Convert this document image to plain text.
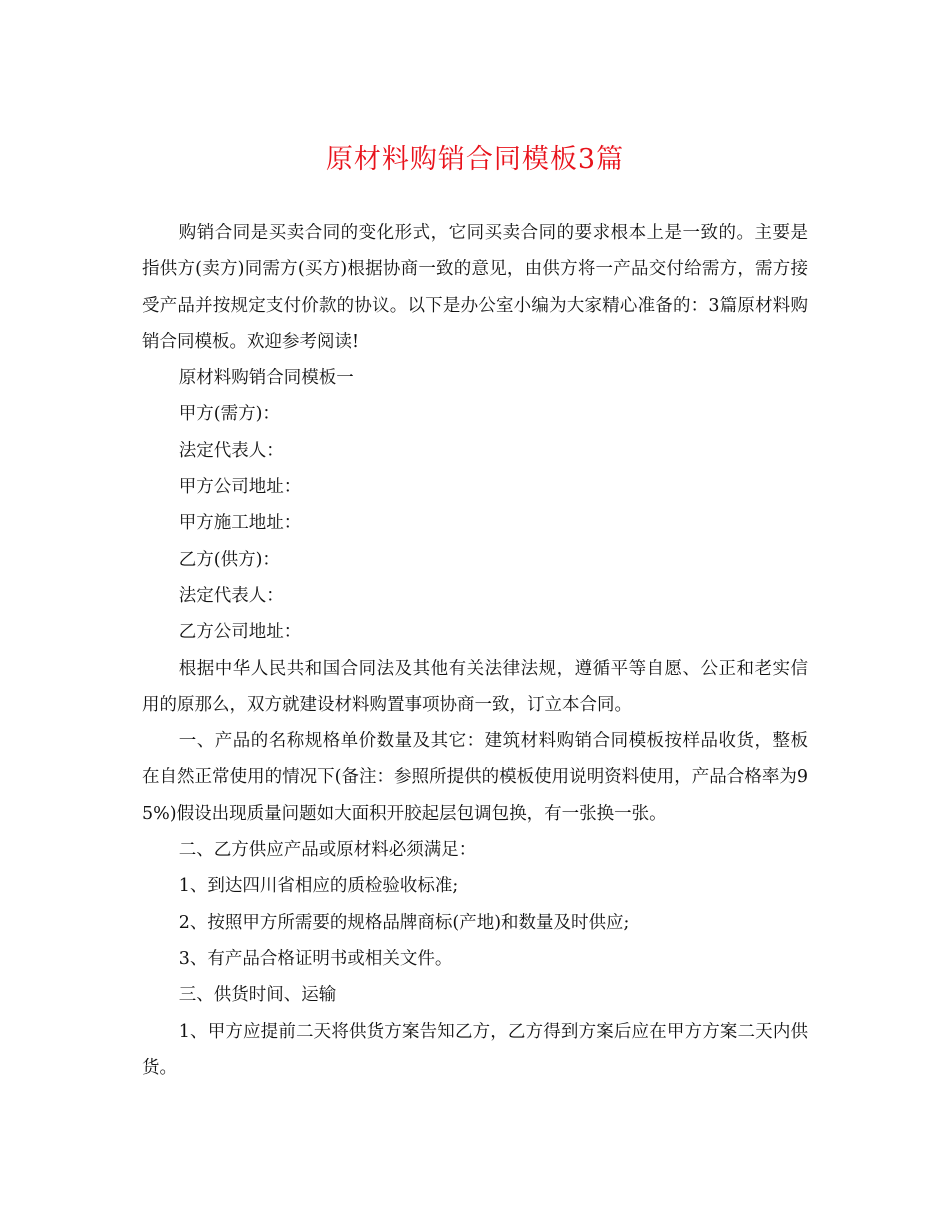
原材料购销合同模板3篇

购销合同是买卖合同的变化形式，它同买卖合同的要求根本上是一致的。主要是指供方(卖方)同需方(买方)根据协商一致的意见，由供方将一产品交付给需方，需方接受产品并按规定支付价款的协议。以下是办公室小编为大家精心准备的：3篇原材料购销合同模板。欢迎参考阅读!

原材料购销合同模板一

甲方(需方)：

法定代表人：

甲方公司地址：

甲方施工地址：

乙方(供方)：

法定代表人：

乙方公司地址：

根据中华人民共和国合同法及其他有关法律法规，遵循平等自愿、公正和老实信用的原那么，双方就建设材料购置事项协商一致，订立本合同。

一、产品的名称规格单价数量及其它：建筑材料购销合同模板按样品收货，整板在自然正常使用的情况下(备注：参照所提供的模板使用说明资料使用，产品合格率为95%)假设出现质量问题如大面积开胶起层包调包换，有一张换一张。

二、乙方供应产品或原材料必须满足：

1、到达四川省相应的质检验收标准;

2、按照甲方所需要的规格品牌商标(产地)和数量及时供应;

3、有产品合格证明书或相关文件。

三、供货时间、运输

1、甲方应提前二天将供货方案告知乙方，乙方得到方案后应在甲方方案二天内供货。
